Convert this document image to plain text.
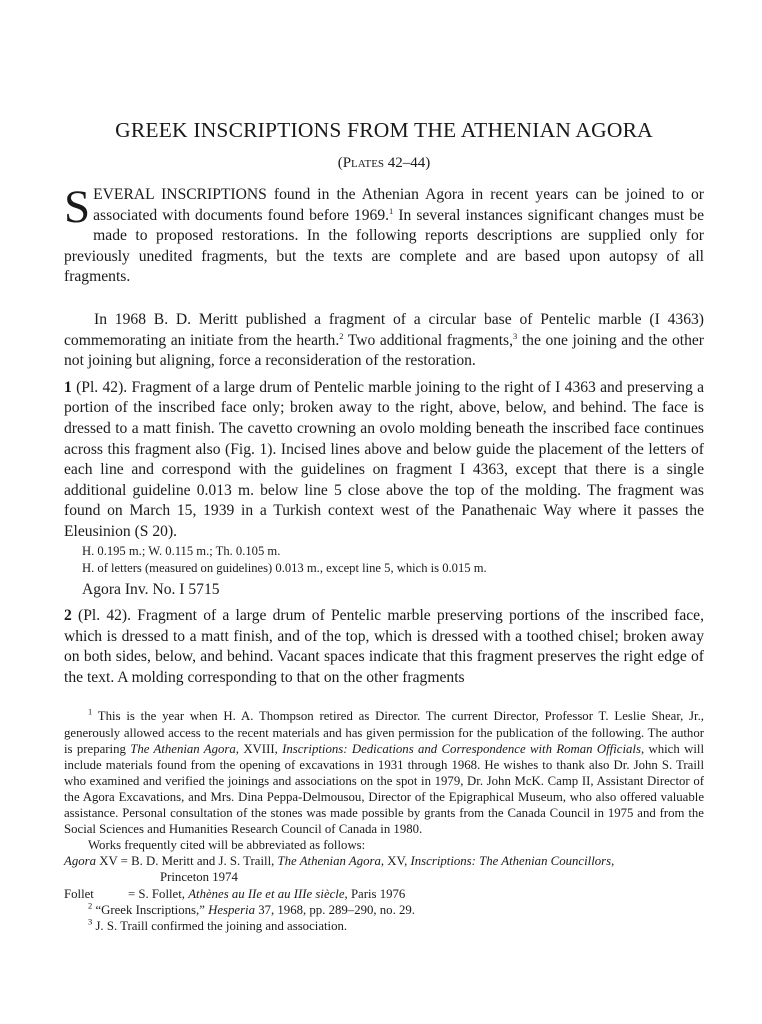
GREEK INSCRIPTIONS FROM THE ATHENIAN AGORA
(Plates 42–44)
SEVERAL INSCRIPTIONS found in the Athenian Agora in recent years can be joined to or associated with documents found before 1969.$^1$ In several instances significant changes must be made to proposed restorations. In the following reports descriptions are supplied only for previously unedited fragments, but the texts are complete and are based upon autopsy of all fragments.

In 1968 B. D. Meritt published a fragment of a circular base of Pentelic marble (I 4363) commemorating an initiate from the hearth.$^2$ Two additional fragments,$^3$ the one joining and the other not joining but aligning, force a reconsideration of the restoration.

1 (Pl. 42). Fragment of a large drum of Pentelic marble joining to the right of I 4363 and preserving a portion of the inscribed face only; broken away to the right, above, below, and behind. The face is dressed to a matt finish. The cavetto crowning an ovolo molding beneath the inscribed face continues across this fragment also (Fig. 1). Incised lines above and below guide the placement of the letters of each line and correspond with the guidelines on fragment I 4363, except that there is a single additional guideline 0.013 m. below line 5 close above the top of the molding. The fragment was found on March 15, 1939 in a Turkish context west of the Panathenaic Way where it passes the Eleusinion (S 20).

H. 0.195 m.; W. 0.115 m.; Th. 0.105 m.
H. of letters (measured on guidelines) 0.013 m., except line 5, which is 0.015 m.
Agora Inv. No. I 5715

2 (Pl. 42). Fragment of a large drum of Pentelic marble preserving portions of the inscribed face, which is dressed to a matt finish, and of the top, which is dressed with a toothed chisel; broken away on both sides, below, and behind. Vacant spaces indicate that this fragment preserves the right edge of the text. A molding corresponding to that on the other fragments

$^1$ This is the year when H. A. Thompson retired as Director. The current Director, Professor T. Leslie Shear, Jr., generously allowed access to the recent materials and has given permission for the publication of the following. The author is preparing The Athenian Agora, XVIII, Inscriptions: Dedications and Correspondence with Roman Officials, which will include materials found from the opening of excavations in 1931 through 1968. He wishes to thank also Dr. John S. Traill who examined and verified the joinings and associations on the spot in 1979, Dr. John McK. Camp II, Assistant Director of the Agora Excavations, and Mrs. Dina Peppa-Delmousou, Director of the Epigraphical Museum, who also offered valuable assistance. Personal consultation of the stones was made possible by grants from the Canada Council in 1975 and from the Social Sciences and Humanities Research Council of Canada in 1980.

Works frequently cited will be abbreviated as follows:

Agora XV = B. D. Meritt and J. S. Traill, The Athenian Agora, XV, Inscriptions: The Athenian Councillors,

Princeton 1974

Follet	= S. Follet, Athènes au IIe et au IIIe siècle, Paris 1976

$^2$ “Greek Inscriptions,” Hesperia 37, 1968, pp. 289–290, no. 29.

$^3$ J. S. Traill confirmed the joining and association.
